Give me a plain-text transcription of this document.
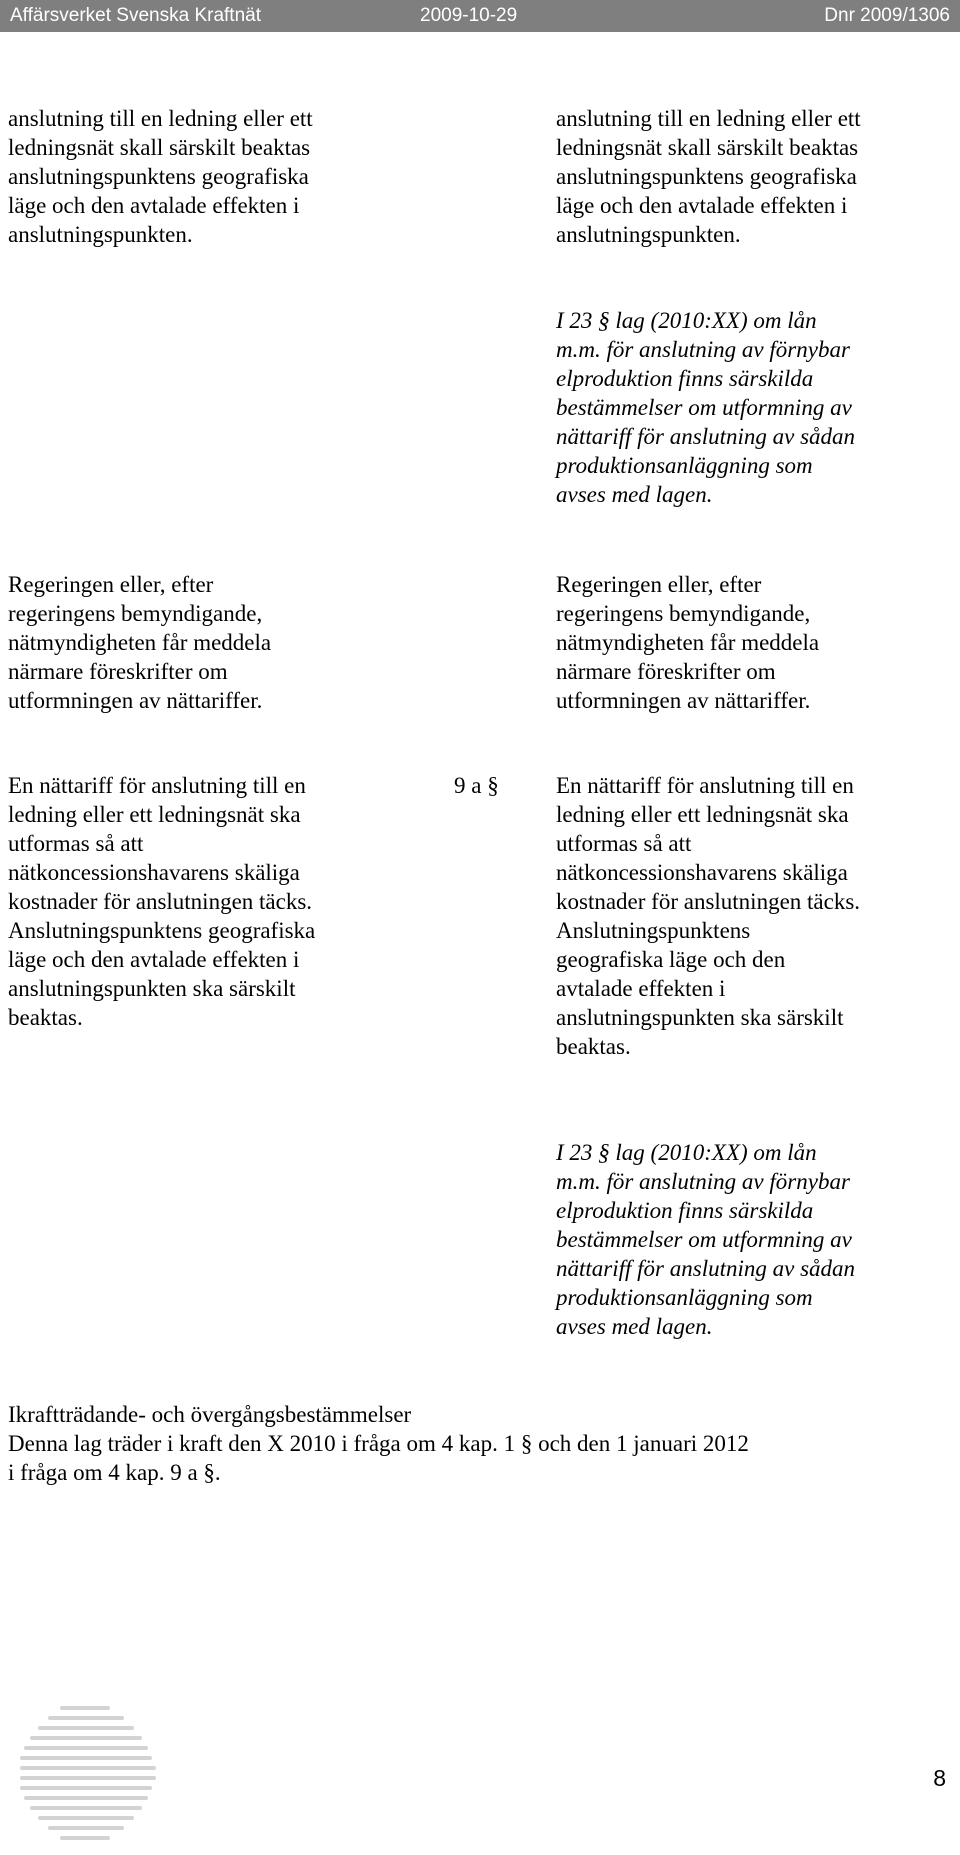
Affärsverket Svenska Kraftnät	2009-10-29	Dnr 2009/1306

anslutning till en ledning eller ett

ledningsnät skall särskilt beaktas

anslutningspunktens geografiska

läge och den avtalade effekten i

anslutningspunkten.

Regeringen eller, efter

regeringens bemyndigande,

nätmyndigheten får meddela

närmare föreskrifter om

utformningen av nättariffer.

En nättariff för anslutning till en

ledning eller ett ledningsnät ska

utformas så att

nätkoncessionshavarens skäliga

kostnader för anslutningen täcks.

Anslutningspunktens geografiska

läge och den avtalade effekten i

anslutningspunkten ska särskilt

beaktas.

9 a §

anslutning till en ledning eller ett

ledningsnät skall särskilt beaktas

anslutningspunktens geografiska

läge och den avtalade effekten i

anslutningspunkten.

I 23 § lag (2010:XX) om lån

m.m. för anslutning av förnybar

elproduktion finns särskilda

bestämmelser om utformning av

nättariff för anslutning av sådan

produktionsanläggning som

avses med lagen.

Regeringen eller, efter

regeringens bemyndigande,

nätmyndigheten får meddela

närmare föreskrifter om

utformningen av nättariffer.

En nättariff för anslutning till en

ledning eller ett ledningsnät ska

utformas så att

nätkoncessionshavarens skäliga

kostnader för anslutningen täcks.

Anslutningspunktens

geografiska läge och den

avtalade effekten i

anslutningspunkten ska särskilt

beaktas.

I 23 § lag (2010:XX) om lån

m.m. för anslutning av förnybar

elproduktion finns särskilda

bestämmelser om utformning av

nättariff för anslutning av sådan

produktionsanläggning som

avses med lagen.

Ikraftträdande- och övergångsbestämmelser

Denna lag träder i kraft den X 2010 i fråga om 4 kap. 1 § och den 1 januari 2012

i fråga om 4 kap. 9 a §.

8
